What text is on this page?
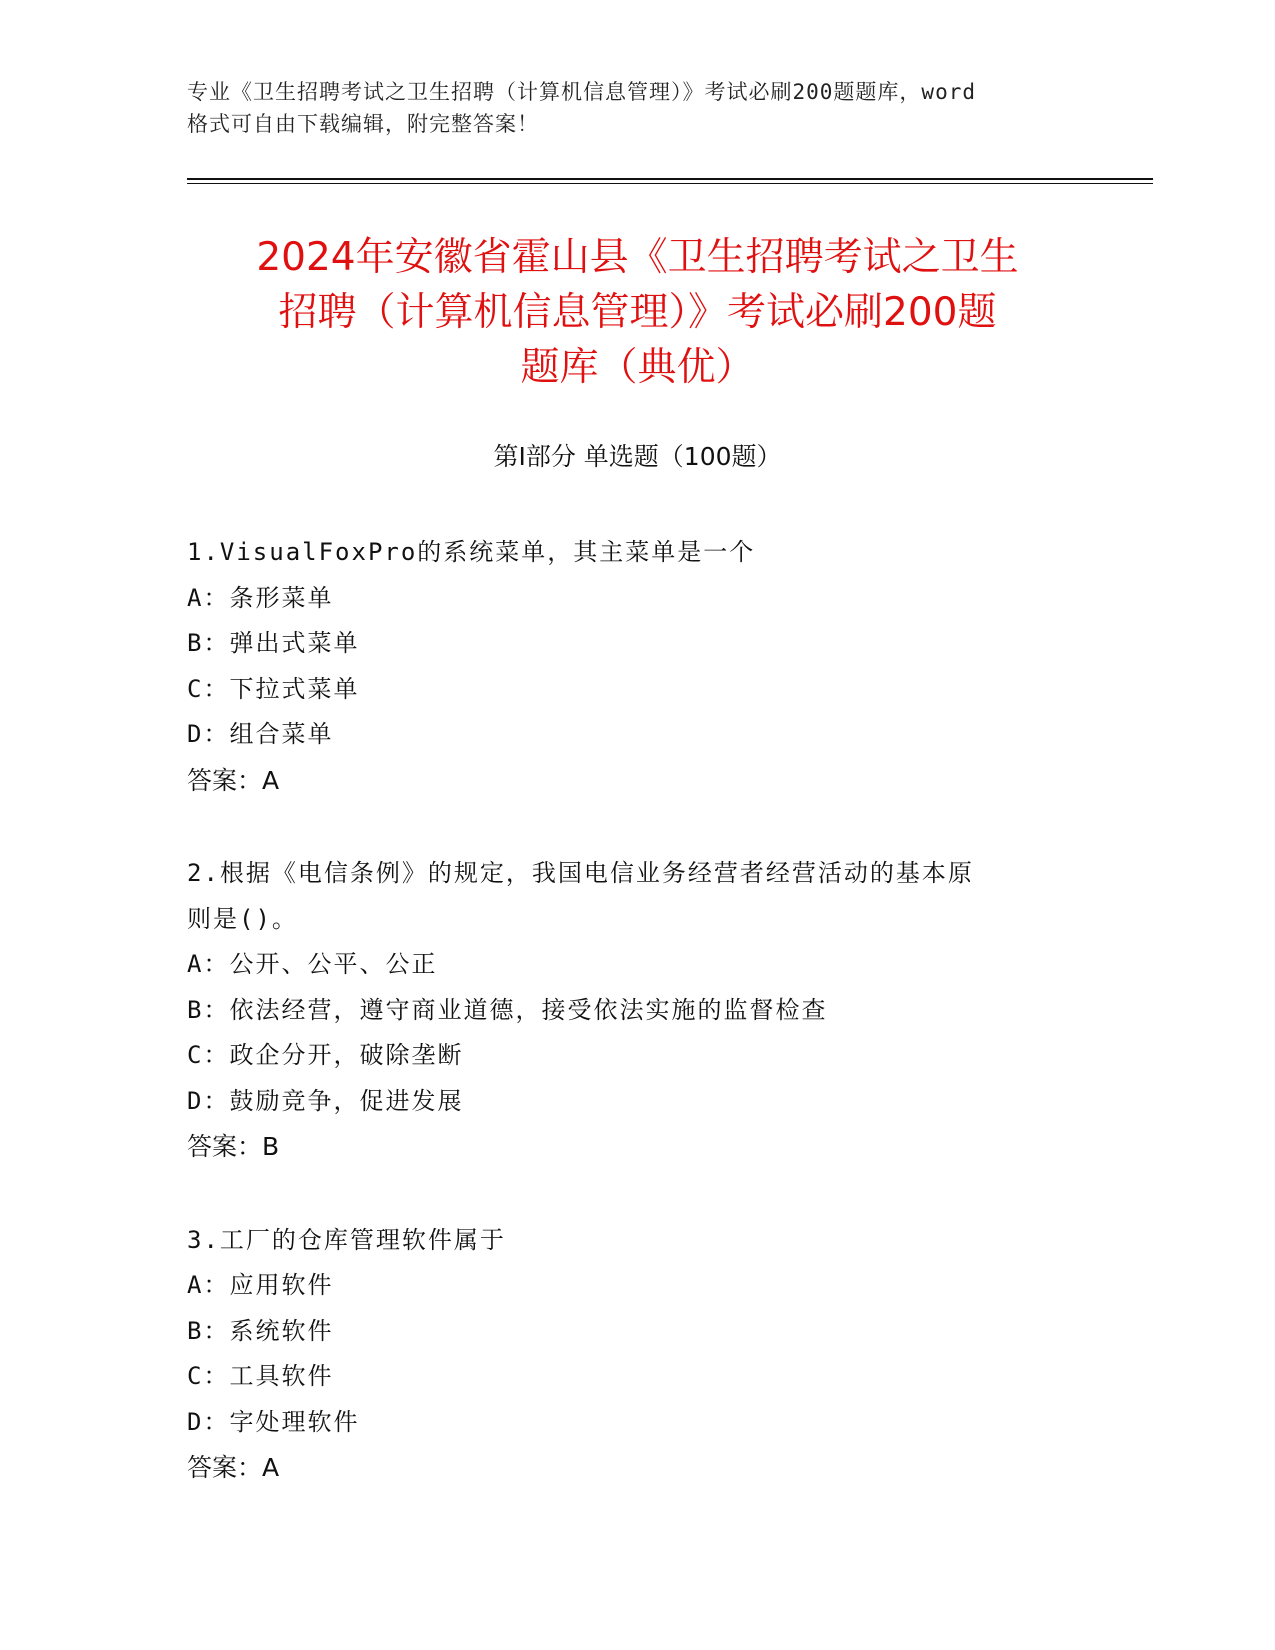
专业《卫生招聘考试之卫生招聘（计算机信息管理）》考试必刷200题题库，word
格式可自由下载编辑，附完整答案！
2024年安徽省霍山县《卫生招聘考试之卫生
招聘（计算机信息管理）》考试必刷200题
题库（典优）
第Ⅰ部分 单选题（100题）
1.VisualFoxPro的系统菜单，其主菜单是一个
A：条形菜单
B：弹出式菜单
C：下拉式菜单
D：组合菜单
答案：A
2.根据《电信条例》的规定，我国电信业务经营者经营活动的基本原
则是()。
A：公开、公平、公正
B：依法经营，遵守商业道德，接受依法实施的监督检查
C：政企分开，破除垄断
D：鼓励竞争，促进发展
答案：B
3.工厂的仓库管理软件属于
A：应用软件
B：系统软件
C：工具软件
D：字处理软件
答案：A
